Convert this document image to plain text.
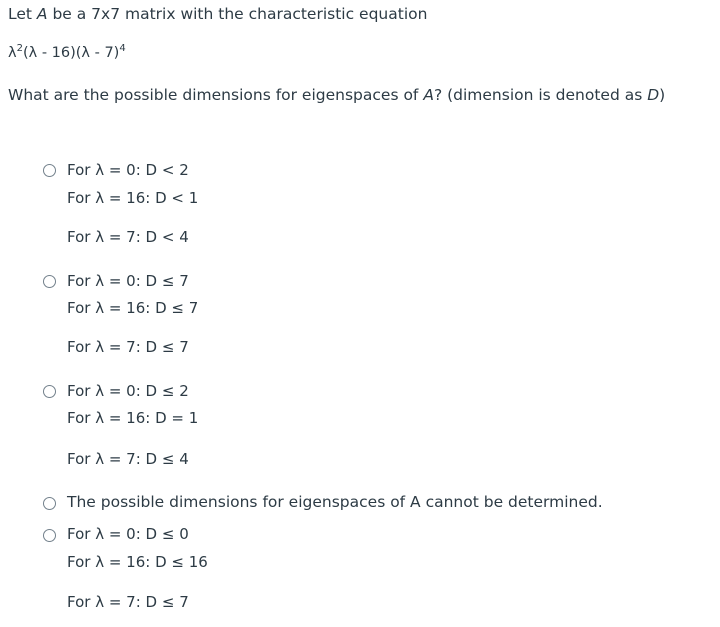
Let A be a 7x7 matrix with the characteristic equation
$\lambda^2(\lambda - 16)(\lambda - 7)^4$
What are the possible dimensions for eigenspaces of A? (dimension is denoted as D)
For λ = 0: D < 2
For λ = 16: D < 1
For λ = 7: D < 4
For λ = 0: D ≤ 7
For λ = 16: D ≤ 7
For λ = 7: D ≤ 7
For λ = 0: D ≤ 2
For λ = 16: D = 1
For λ = 7: D ≤ 4
The possible dimensions for eigenspaces of A cannot be determined.
For λ = 0: D ≤ 0
For λ = 16: D ≤ 16
For λ = 7: D ≤ 7
